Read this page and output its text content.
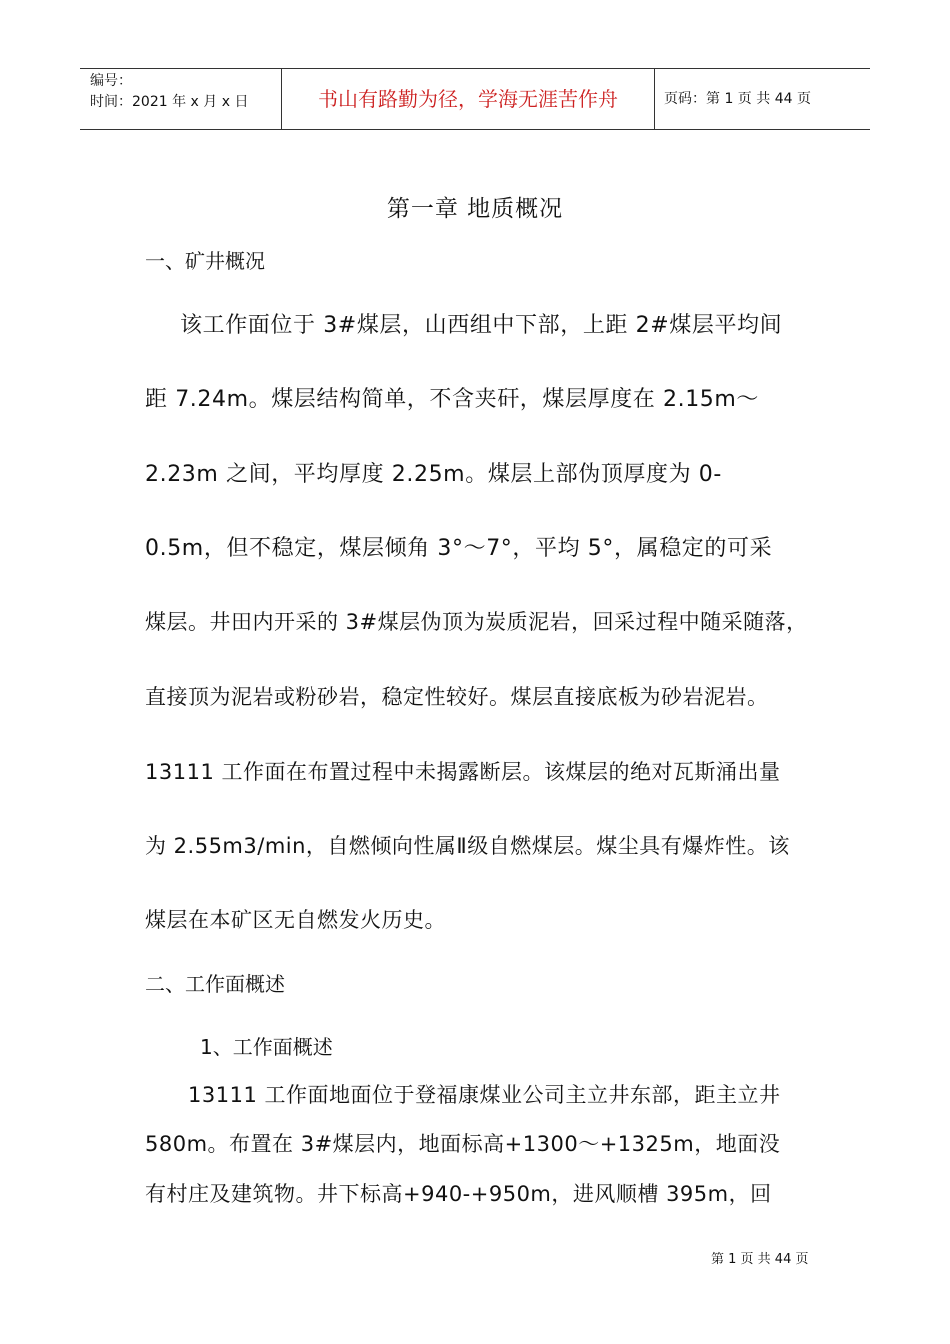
编号：
时间：2021 年 x 月 x 日	书山有路勤为径，学海无涯苦作舟	页码：第 1 页 共 44 页
第一章 地质概况
一、矿井概况
该工作面位于 3#煤层，山西组中下部，上距 2#煤层平均间
距 7.24m。煤层结构简单，不含夹矸，煤层厚度在 2.15m～
2.23m 之间，平均厚度 2.25m。煤层上部伪顶厚度为 0-
0.5m，但不稳定，煤层倾角 3°～7°，平均 5°，属稳定的可采
煤层。井田内开采的 3#煤层伪顶为炭质泥岩，回采过程中随采随落，
直接顶为泥岩或粉砂岩，稳定性较好。煤层直接底板为砂岩泥岩。
13111 工作面在布置过程中未揭露断层。该煤层的绝对瓦斯涌出量
为 2.55m3/min，自燃倾向性属Ⅱ级自燃煤层。煤尘具有爆炸性。该
煤层在本矿区无自燃发火历史。
二、工作面概述
1、工作面概述
13111 工作面地面位于登福康煤业公司主立井东部，距主立井
580m。布置在 3#煤层内，地面标高+1300～+1325m，地面没
有村庄及建筑物。井下标高+940-+950m，进风顺槽 395m，回
第 1 页 共 44 页
